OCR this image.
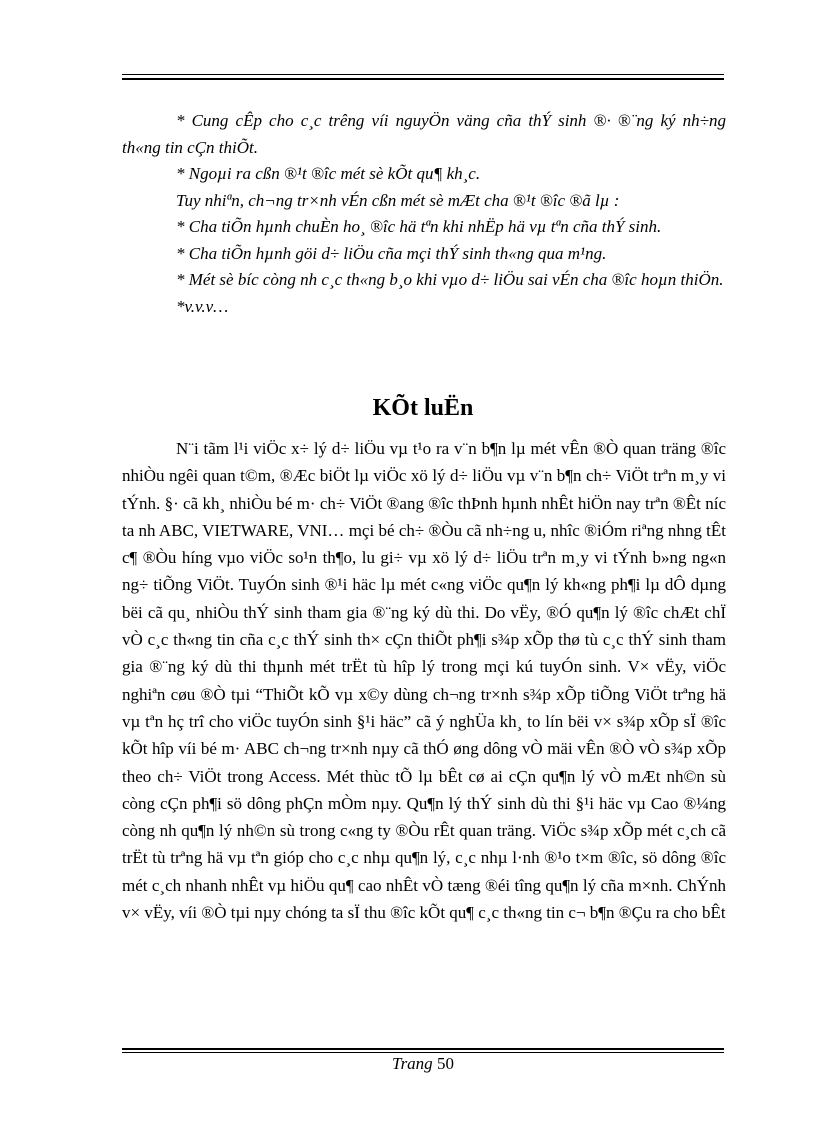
* Cung cÊp cho c¸c trêng víi nguyÖn väng cña thÝ sinh ®· ®¨ng ký nh÷ng th«ng tin cÇn thiÕt.

* Ngoµi ra cßn ®¹t ®îc mét sè kÕt qu¶ kh¸c.

Tuy nhiªn, ch¬ng tr×nh vÉn cßn mét sè mÆt cha ®¹t ®îc ®ã lµ :

* Cha tiÕn hµnh chuÈn ho¸ ®îc hä tªn khi nhËp hä vµ tªn cña thÝ sinh.

* Cha tiÕn hµnh göi d÷ liÖu cña mçi thÝ sinh th«ng qua m¹ng.

* Mét sè bíc còng nh c¸c th«ng b¸o khi vµo d÷ liÖu sai vÉn cha ®îc hoµn thiÖn.

*v.v.v…

KÕt luËn

N¨i tãm l¹i viÖc x÷ lý d÷ liÖu vµ t¹o ra v¨n b¶n lµ mét vÊn ®Ò quan träng ®îc nhiÒu ngêi quan t©m, ®Æc biÖt lµ viÖc xö lý d÷ liÖu vµ v¨n b¶n ch÷ ViÖt trªn m¸y vi tÝnh. §· cã kh¸ nhiÒu bé m· ch÷ ViÖt ®ang ®îc thÞnh hµnh nhÊt hiÖn nay trªn ®Êt níc ta nh ABC, VIETWARE, VNI… mçi bé ch÷ ®Òu cã nh÷ng u, nhîc ®iÓm riªng nhng tÊt c¶ ®Òu híng vµo viÖc so¹n th¶o, lu gi÷ vµ xö lý d÷ liÖu trªn m¸y vi tÝnh b»ng ng«n ng÷ tiÕng ViÖt. TuyÓn sinh ®¹i häc lµ mét c«ng viÖc qu¶n lý kh«ng ph¶i lµ dÔ dµng bëi cã qu¸ nhiÒu thÝ sinh tham gia ®¨ng ký dù thi. Do vËy, ®Ó qu¶n lý ®îc chÆt chÏ vÒ c¸c th«ng tin cña c¸c thÝ sinh th× cÇn thiÕt ph¶i s¾p xÕp thø tù c¸c thÝ sinh tham gia ®¨ng ký dù thi thµnh mét trËt tù hîp lý trong mçi kú tuyÓn sinh. V× vËy, viÖc nghiªn cøu ®Ò tµi “ThiÕt kÕ vµ x©y dùng ch¬ng tr×nh s¾p xÕp tiÕng ViÖt trªng hä vµ tªn hç trî cho viÖc tuyÓn sinh §¹i häc” cã ý nghÜa kh¸ to lín bëi v× s¾p xÕp sÏ ®îc kÕt hîp víi bé m· ABC ch¬ng tr×nh nµy cã thÓ øng dông vÒ mäi vÊn ®Ò vÒ s¾p xÕp theo ch÷ ViÖt trong Access. Mét thùc tÕ lµ bÊt cø ai cÇn qu¶n lý vÒ mÆt nh©n sù còng cÇn ph¶i sö dông phÇn mÒm nµy. Qu¶n lý thÝ sinh dù thi §¹i häc vµ Cao ®¼ng còng nh qu¶n lý nh©n sù trong c«ng ty ®Òu rÊt quan träng. ViÖc s¾p xÕp mét c¸ch cã trËt tù trªng hä vµ tªn gióp cho c¸c nhµ qu¶n lý, c¸c nhµ l·nh ®¹o t×m ®îc, sö dông ®îc mét c¸ch nhanh nhÊt vµ hiÖu qu¶ cao nhÊt vÒ tæng ®éi tîng qu¶n lý cña m×nh. ChÝnh v× vËy, víi ®Ò tµi nµy chóng ta sÏ thu ®îc kÕt qu¶ c¸c th«ng tin c¬ b¶n ®Çu ra cho bÊt

Trang 50
